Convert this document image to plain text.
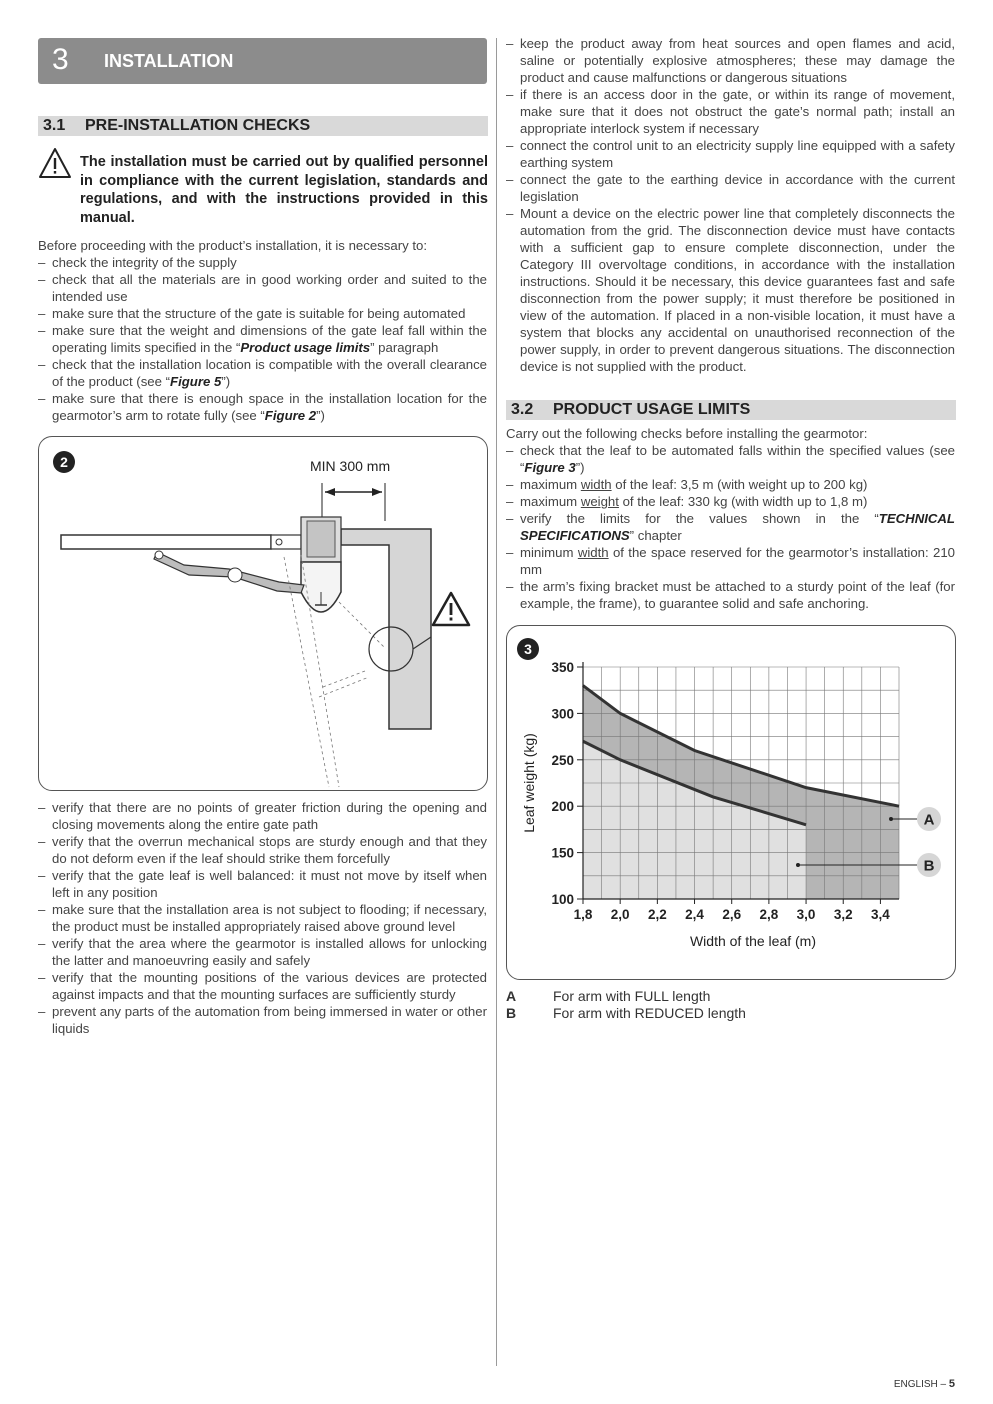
3 INSTALLATION
3.1 PRE-INSTALLATION CHECKS
The installation must be carried out by qualified personnel in compliance with the current legislation, standards and regulations, and with the instructions provided in this manual.
Before proceeding with the product’s installation, it is necessary to:
– check the integrity of the supply
– check that all the materials are in good working order and suited to the intended use
– make sure that the structure of the gate is suitable for being automated
– make sure that the weight and dimensions of the gate leaf fall within the operating limits specified in the “Product usage limits” paragraph
– check that the installation location is compatible with the overall clearance of the product (see “Figure 5”)
– make sure that there is enough space in the installation location for the gearmotor’s arm to rotate fully (see “Figure 2”)
2	MIN 300 mm
– verify that there are no points of greater friction during the opening and closing movements along the entire gate path
– verify that the overrun mechanical stops are sturdy enough and that they do not deform even if the leaf should strike them forcefully
– verify that the gate leaf is well balanced: it must not move by itself when left in any position
– make sure that the installation area is not subject to flooding; if necessary, the product must be installed appropriately raised above ground level
– verify that the area where the gearmotor is installed allows for unlocking the latter and manoeuvring easily and safely
– verify that the mounting positions of the various devices are protected against impacts and that the mounting surfaces are sufficiently sturdy
– prevent any parts of the automation from being immersed in water or other liquids
– keep the product away from heat sources and open flames and acid, saline or potentially explosive atmospheres; these may damage the product and cause malfunctions or dangerous situations
– if there is an access door in the gate, or within its range of movement, make sure that it does not obstruct the gate’s normal path; install an appropriate interlock system if necessary
– connect the control unit to an electricity supply line equipped with a safety earthing system
– connect the gate to the earthing device in accordance with the current legislation
– Mount a device on the electric power line that completely disconnects the automation from the grid. The disconnection device must have contacts with a sufficient gap to ensure complete disconnection, under the Category III overvoltage conditions, in accordance with the installation instructions. Should it be necessary, this device guarantees fast and safe disconnection from the power supply; it must therefore be positioned in view of the automation. If placed in a non-visible location, it must have a system that blocks any accidental on unauthorised reconnection of the power supply, in order to prevent dangerous situations. The disconnection device is not supplied with the product.
3.2 PRODUCT USAGE LIMITS
Carry out the following checks before installing the gearmotor:
– check that the leaf to be automated falls within the specified values (see “Figure 3”)
– maximum width of the leaf: 3,5 m (with weight up to 200 kg)
– maximum weight of the leaf: 330 kg (with width up to 1,8 m)
– verify the limits for the values shown in the “TECHNICAL SPECIFICATIONS” chapter
– minimum width of the space reserved for the gearmotor’s installation: 210 mm
– the arm’s fixing bracket must be attached to a sturdy point of the leaf (for example, the frame), to guarantee solid and safe anchoring.
3
1,8 2,0 2,2 2,4 2,6 2,8 3,0 3,2 3,4
100
150
200
250
300
350
Width of the leaf (m)
Leaf weight (kg)	A
B
A	For arm with FULL length
B	For arm with REDUCED length
ENGLISH – 5
